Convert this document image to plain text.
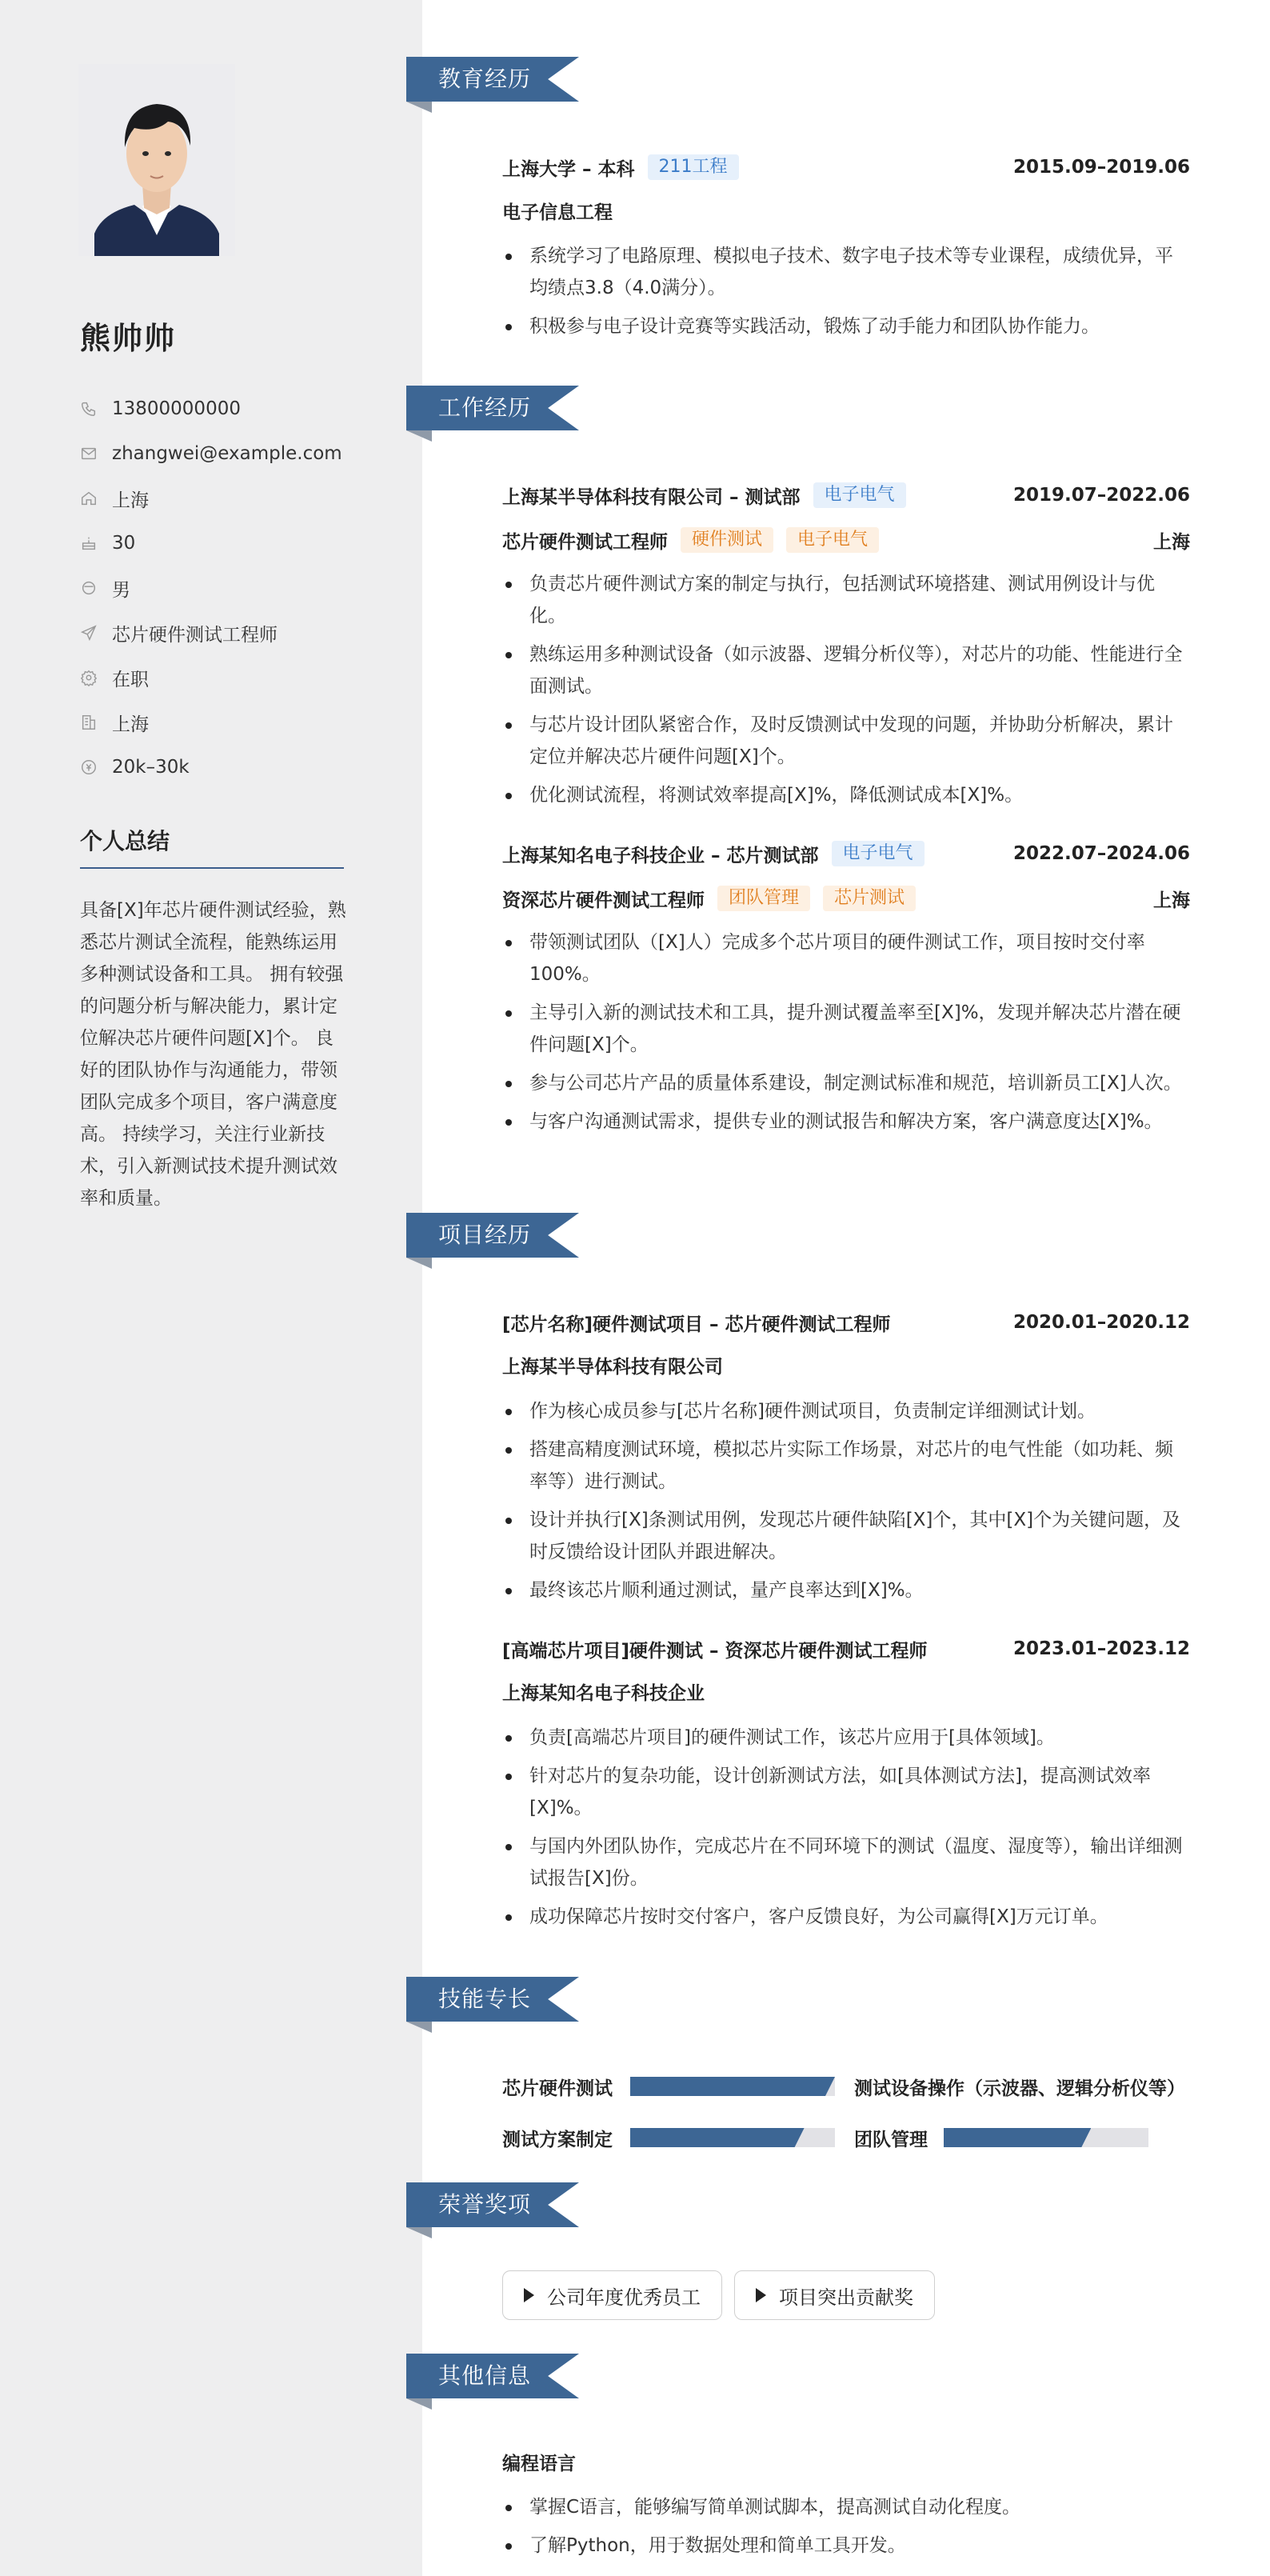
熊帅帅
13800000000
zhangwei@example.com
上海
30
男
芯片硬件测试工程师
在职
上海
20k–30k
个人总结
具备[X]年芯片硬件测试经验，熟悉芯片测试全流程，能熟练运用多种测试设备和工具。 拥有较强的问题分析与解决能力，累计定位解决芯片硬件问题[X]个。 良好的团队协作与沟通能力，带领团队完成多个项目，客户满意度高。 持续学习，关注行业新技术，引入新测试技术提升测试效率和质量。
教育经历
上海大学 – 本科	211工程	2015.09–2019.06
电子信息工程
系统学习了电路原理、模拟电子技术、数字电子技术等专业课程，成绩优异，平均绩点3.8（4.0满分）。
积极参与电子设计竞赛等实践活动，锻炼了动手能力和团队协作能力。
工作经历
上海某半导体科技有限公司 – 测试部	电子电气	2019.07–2022.06
芯片硬件测试工程师	硬件测试	电子电气	上海
负责芯片硬件测试方案的制定与执行，包括测试环境搭建、测试用例设计与优化。
熟练运用多种测试设备（如示波器、逻辑分析仪等），对芯片的功能、性能进行全面测试。
与芯片设计团队紧密合作，及时反馈测试中发现的问题，并协助分析解决，累计定位并解决芯片硬件问题[X]个。
优化测试流程，将测试效率提高[X]%，降低测试成本[X]%。
上海某知名电子科技企业 – 芯片测试部	电子电气	2022.07–2024.06
资深芯片硬件测试工程师	团队管理	芯片测试	上海
带领测试团队（[X]人）完成多个芯片项目的硬件测试工作，项目按时交付率100%。
主导引入新的测试技术和工具，提升测试覆盖率至[X]%，发现并解决芯片潜在硬件问题[X]个。
参与公司芯片产品的质量体系建设，制定测试标准和规范，培训新员工[X]人次。
与客户沟通测试需求，提供专业的测试报告和解决方案，客户满意度达[X]%。
项目经历
[芯片名称]硬件测试项目 – 芯片硬件测试工程师	2020.01–2020.12
上海某半导体科技有限公司
作为核心成员参与[芯片名称]硬件测试项目，负责制定详细测试计划。
搭建高精度测试环境，模拟芯片实际工作场景，对芯片的电气性能（如功耗、频率等）进行测试。
设计并执行[X]条测试用例，发现芯片硬件缺陷[X]个，其中[X]个为关键问题，及时反馈给设计团队并跟进解决。
最终该芯片顺利通过测试，量产良率达到[X]%。
[高端芯片项目]硬件测试 – 资深芯片硬件测试工程师	2023.01–2023.12
上海某知名电子科技企业
负责[高端芯片项目]的硬件测试工作，该芯片应用于[具体领域]。
针对芯片的复杂功能，设计创新测试方法，如[具体测试方法]，提高测试效率[X]%。
与国内外团队协作，完成芯片在不同环境下的测试（温度、湿度等），输出详细测试报告[X]份。
成功保障芯片按时交付客户，客户反馈良好，为公司赢得[X]万元订单。
技能专长
芯片硬件测试	测试设备操作（示波器、逻辑分析仪等）
测试方案制定	团队管理
荣誉奖项
公司年度优秀员工	项目突出贡献奖
其他信息
编程语言
掌握C语言，能够编写简单测试脚本，提高测试自动化程度。
了解Python，用于数据处理和简单工具开发。
